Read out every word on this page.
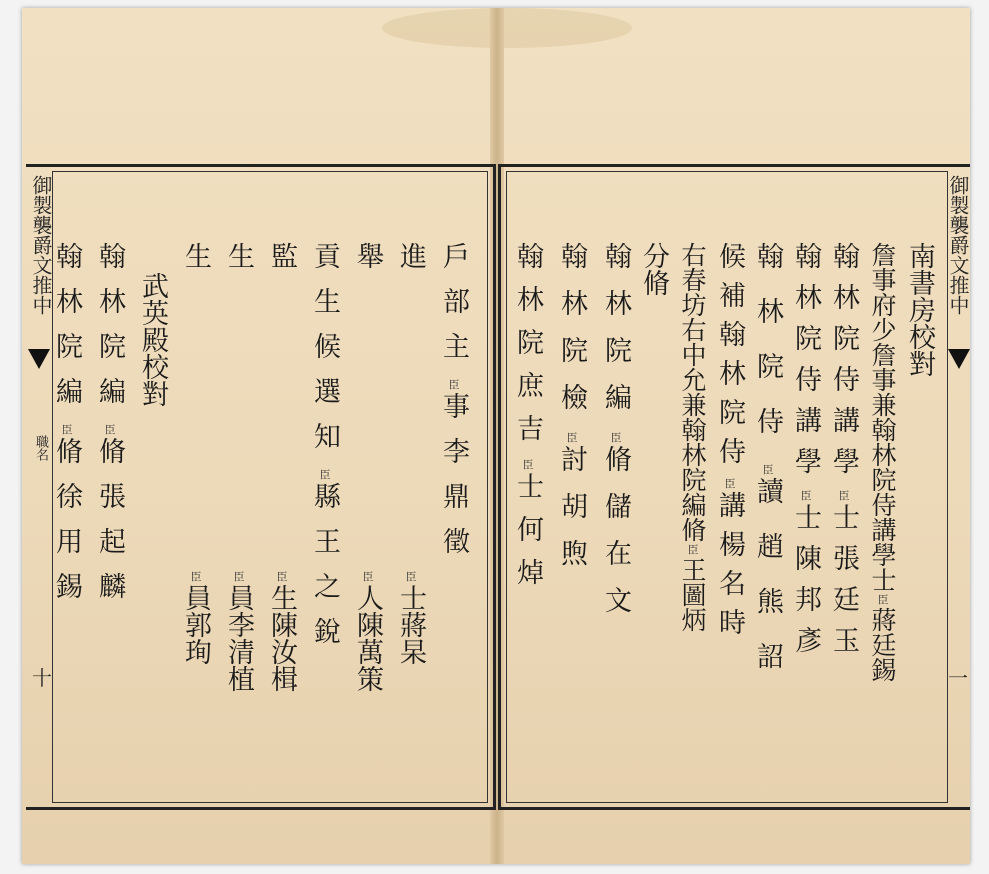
御製襲爵文推中
職名
十
戶部主臣事李鼎徵
進臣士蔣杲
舉臣人陳萬策
貢生候選知臣縣王之銳
監臣生陳汝楫
生臣員李清植
生臣員郭珣
武英殿校對
翰林院編臣脩張起麟
翰林院編臣脩徐用錫
御製襲爵文推中
一
南書房校對
詹事府少詹事兼翰林院侍講學士臣蔣廷錫
翰林院侍講學臣士張廷玉
翰林院侍講學臣士陳邦彥
翰林院侍臣讀趙熊詔
候補翰林院侍臣講楊名時
右春坊右中允兼翰林院編脩臣王圖炳
分脩
翰林院編臣脩儲在文
翰林院檢臣討胡煦
翰林院庶吉臣士何焯
